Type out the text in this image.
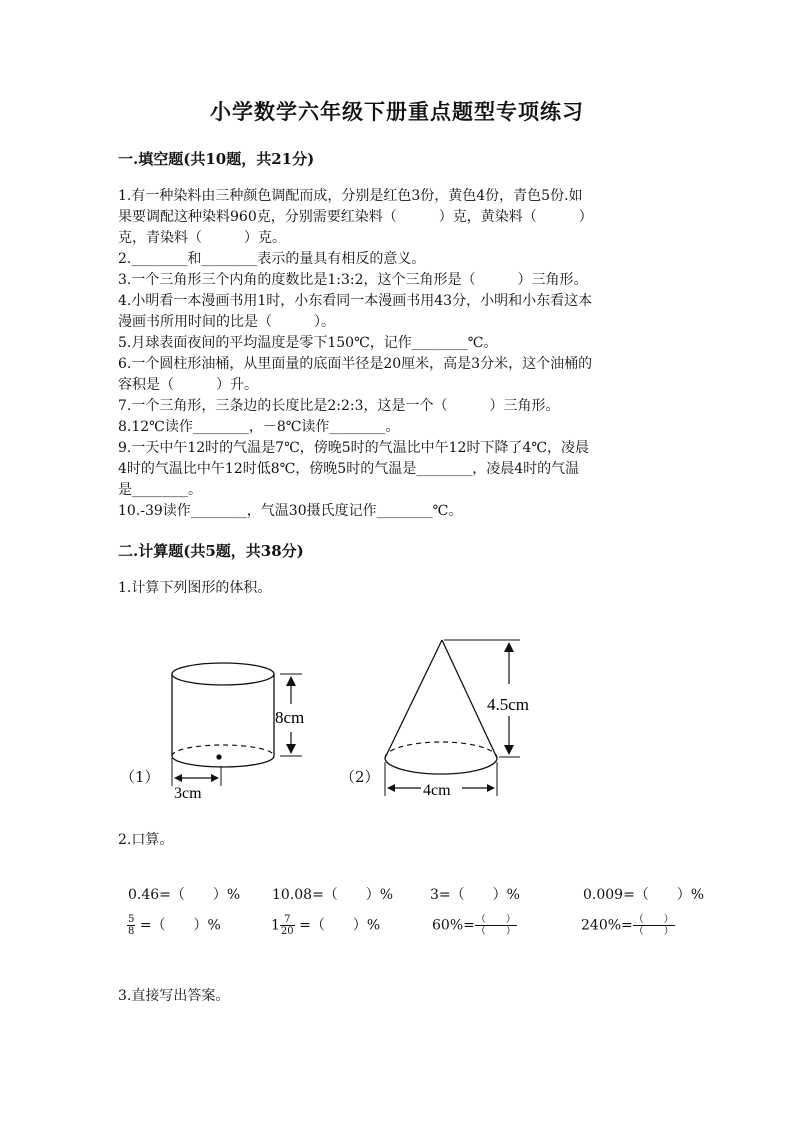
小学数学六年级下册重点题型专项练习
一.填空题(共10题，共21分)
1.有一种染料由三种颜色调配而成，分别是红色3份，黄色4份，青色5份.如
果要调配这种染料960克，分别需要红染料（　　　）克，黄染料（　　　）
克，青染料（　　　）克。
2.________和________表示的量具有相反的意义。
3.一个三角形三个内角的度数比是1:3:2，这个三角形是（　　　）三角形。
4.小明看一本漫画书用1时，小东看同一本漫画书用43分，小明和小东看这本
漫画书所用时间的比是（　　　）。
5.月球表面夜间的平均温度是零下150℃，记作________℃。
6.一个圆柱形油桶，从里面量的底面半径是20厘米，高是3分米，这个油桶的
容积是（　　　）升。
7.一个三角形，三条边的长度比是2:2:3，这是一个（　　　）三角形。
8.12℃读作________，－8℃读作________。
9.一天中午12时的气温是7℃，傍晚5时的气温比中午12时下降了4℃，凌晨
4时的气温比中午12时低8℃，傍晚5时的气温是________，凌晨4时的气温
是________。
10.-39读作________，气温30摄氏度记作________℃。
二.计算题(共5题，共38分)
1.计算下列图形的体积。
8cm
3cm
（1）
4.5cm
4cm
（2）
2.口算。
0.46=（　　）% 10.08=（　　）%	3=（　　）%	0.009=（　　）%
$\frac{5}{8}$ =（　　）%	$1 \frac{7}{20}$ =（　　）%	$60\%= \frac{( )}{( )}$	$240\%= \frac{( )}{( )}$
3.直接写出答案。
